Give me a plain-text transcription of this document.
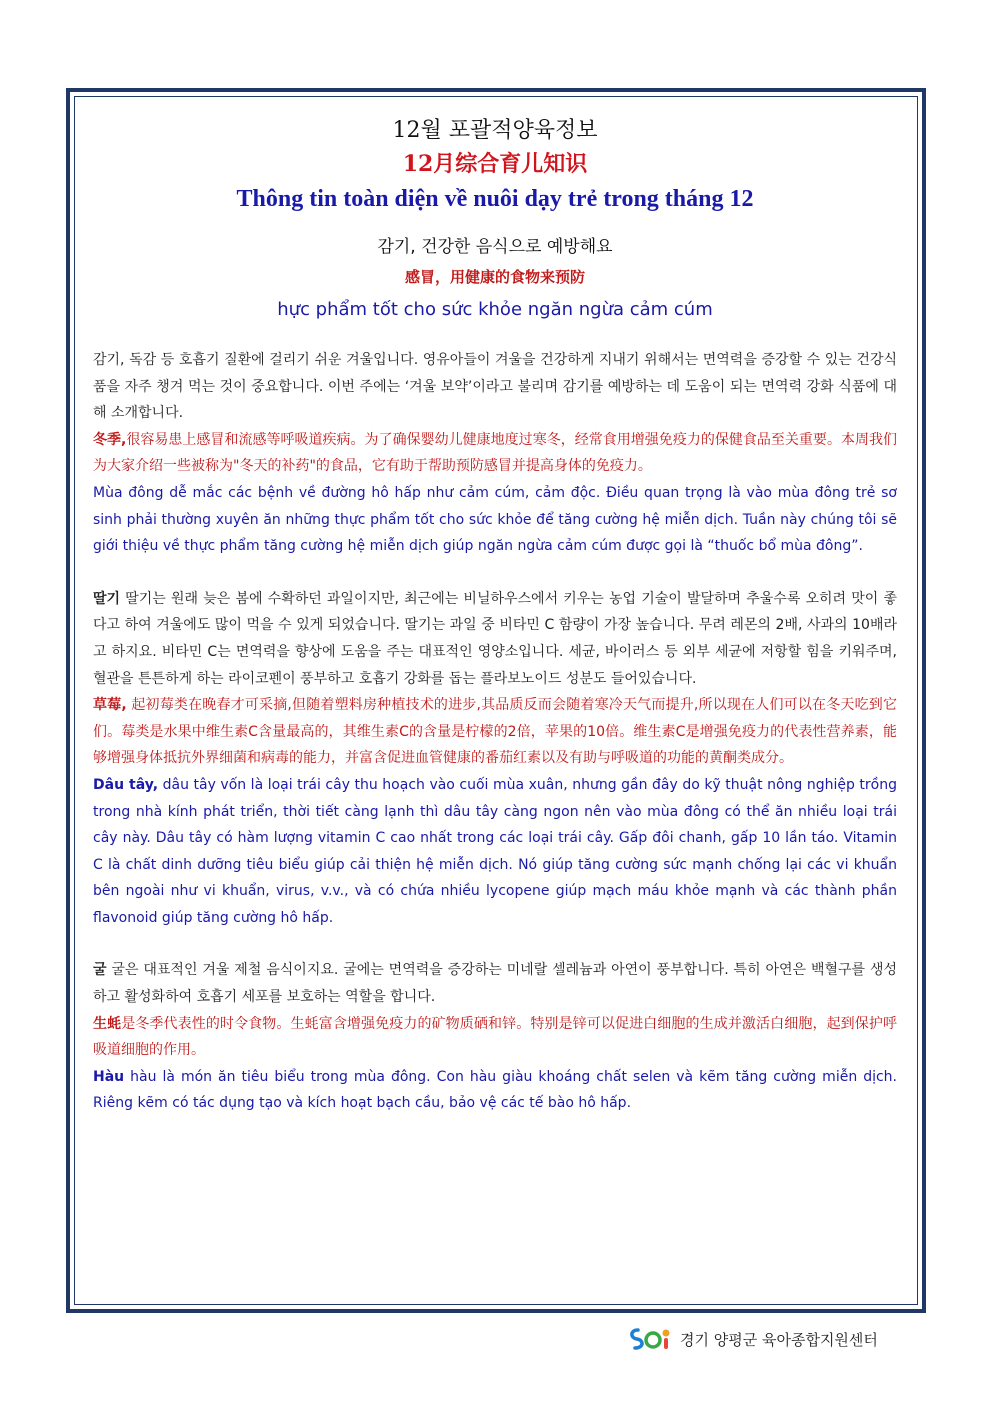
12월 포괄적양육정보
12月综合育儿知识
Thông tin toàn diện về nuôi dạy trẻ trong tháng 12
감기, 건강한 음식으로 예방해요
感冒，用健康的食物来预防
hực phẩm tốt cho sức khỏe ngăn ngừa cảm cúm

감기, 독감 등 호흡기 질환에 걸리기 쉬운 겨울입니다. 영유아들이 겨울을 건강하게 지내기 위해서는 면역력을 증강할 수 있는 건강식품을 자주 챙겨 먹는 것이 중요합니다. 이번 주에는 ‘겨울 보약’이라고 불리며 감기를 예방하는 데 도움이 되는 면역력 강화 식품에 대해 소개합니다.

冬季,很容易患上感冒和流感等呼吸道疾病。为了确保婴幼儿健康地度过寒冬，经常食用增强免疫力的保健食品至关重要。本周我们为大家介绍一些被称为"冬天的补药"的食品，它有助于帮助预防感冒并提高身体的免疫力。

Mùa đông dễ mắc các bệnh về đường hô hấp như cảm cúm, cảm độc. Điều quan trọng là vào mùa đông trẻ sơ sinh phải thường xuyên ăn những thực phẩm tốt cho sức khỏe để tăng cường hệ miễn dịch. Tuần này chúng tôi sẽ giới thiệu về thực phẩm tăng cường hệ miễn dịch giúp ngăn ngừa cảm cúm được gọi là “thuốc bổ mùa đông”.

딸기 딸기는 원래 늦은 봄에 수확하던 과일이지만, 최근에는 비닐하우스에서 키우는 농업 기술이 발달하며 추울수록 오히려 맛이 좋다고 하여 겨울에도 많이 먹을 수 있게 되었습니다. 딸기는 과일 중 비타민 C 함량이 가장 높습니다. 무려 레몬의 2배, 사과의 10배라고 하지요. 비타민 C는 면역력을 향상에 도움을 주는 대표적인 영양소입니다. 세균, 바이러스 등 외부 세균에 저항할 힘을 키워주며, 혈관을 튼튼하게 하는 라이코펜이 풍부하고 호흡기 강화를 돕는 플라보노이드 성분도 들어있습니다.

草莓, 起初莓类在晚春才可采摘,但随着塑料房种植技术的进步,其品质反而会随着寒冷天气而提升,所以现在人们可以在冬天吃到它们。莓类是水果中维生素C含量最高的，其维生素C的含量是柠檬的2倍，苹果的10倍。维生素C是增强免疫力的代表性营养素，能够增强身体抵抗外界细菌和病毒的能力，并富含促进血管健康的番茄红素以及有助与呼吸道的功能的黄酮类成分。

Dâu tây, dâu tây vốn là loại trái cây thu hoạch vào cuối mùa xuân, nhưng gần đây do kỹ thuật nông nghiệp trồng trong nhà kính phát triển, thời tiết càng lạnh thì dâu tây càng ngon nên vào mùa đông có thể ăn nhiều loại trái cây này. Dâu tây có hàm lượng vitamin C cao nhất trong các loại trái cây. Gấp đôi chanh, gấp 10 lần táo. Vitamin C là chất dinh dưỡng tiêu biểu giúp cải thiện hệ miễn dịch. Nó giúp tăng cường sức mạnh chống lại các vi khuẩn bên ngoài như vi khuẩn, virus, v.v., và có chứa nhiều lycopene giúp mạch máu khỏe mạnh và các thành phần flavonoid giúp tăng cường hô hấp.

굴 굴은 대표적인 겨울 제철 음식이지요. 굴에는 면역력을 증강하는 미네랄 셀레늄과 아연이 풍부합니다. 특히 아연은 백혈구를 생성하고 활성화하여 호흡기 세포를 보호하는 역할을 합니다.

生蚝是冬季代表性的时令食物。生蚝富含增强免疫力的矿物质硒和锌。特别是锌可以促进白细胞的生成并激活白细胞，起到保护呼吸道细胞的作用。

Hàu hàu là món ăn tiêu biểu trong mùa đông. Con hàu giàu khoáng chất selen và kẽm tăng cường miễn dịch. Riêng kẽm có tác dụng tạo và kích hoạt bạch cầu, bảo vệ các tế bào hô hấp.

경기 양평군 육아종합지원센터
